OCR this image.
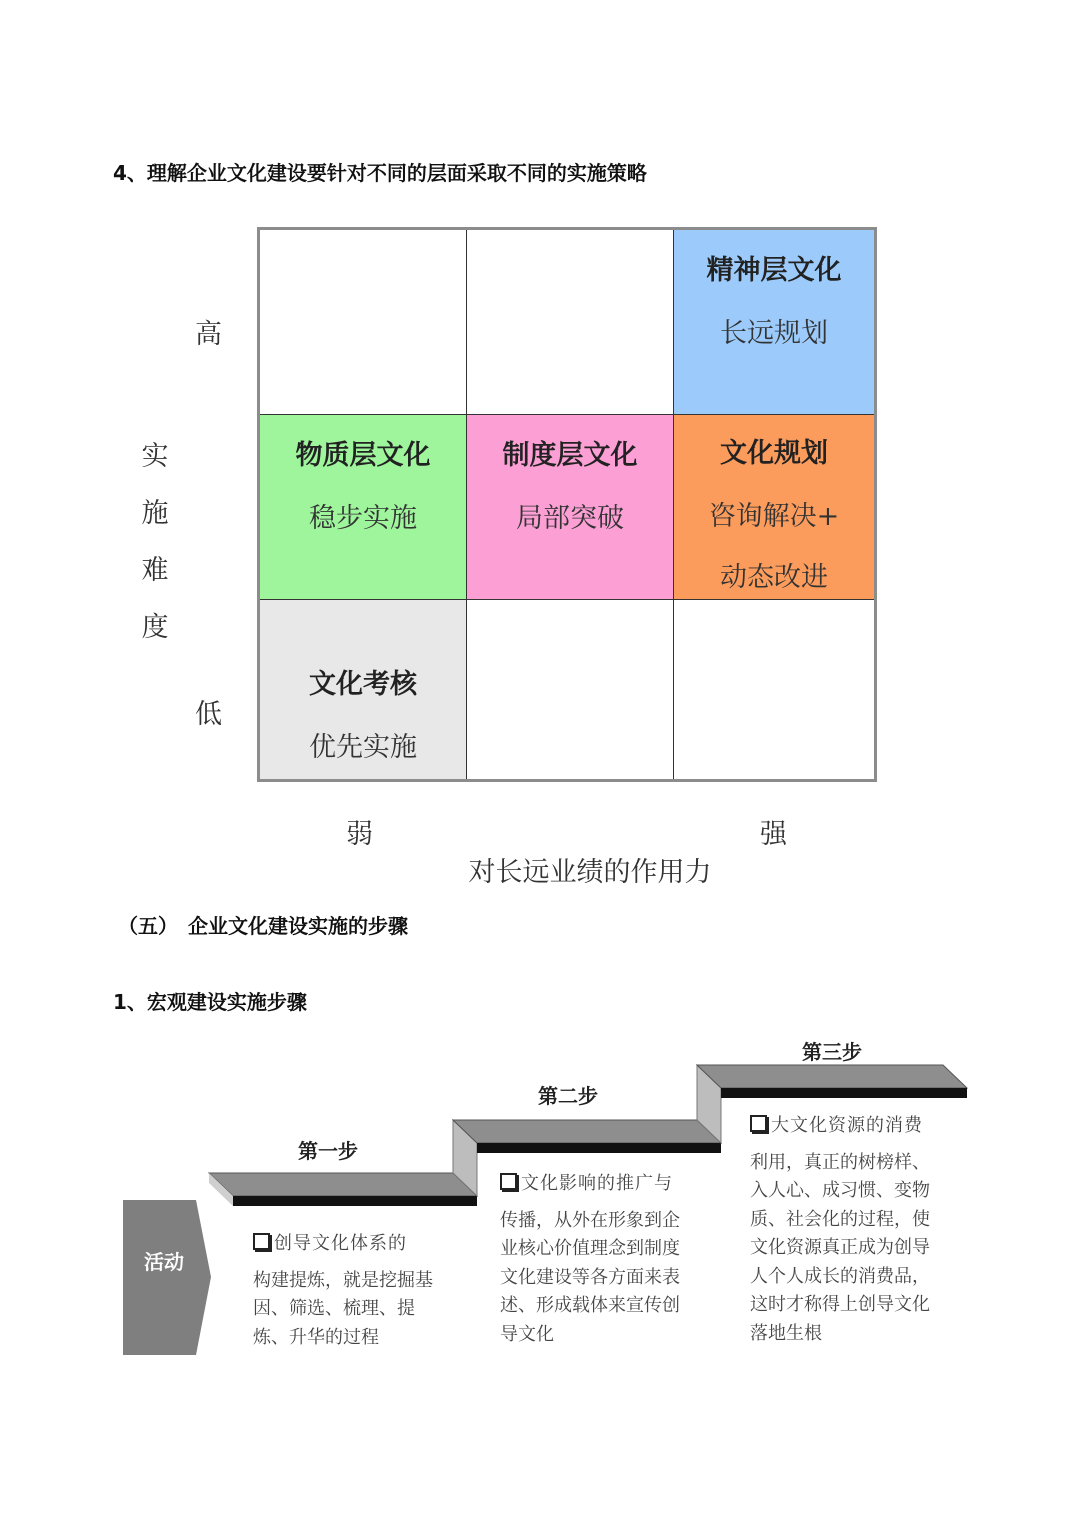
4、理解企业文化建设要针对不同的层面采取不同的实施策略
高
实
施
难
度
低
精神层文化
长远规划
物质层文化
稳步实施
制度层文化
局部突破
文化规划
咨询解决+
动态改进
文化考核
优先实施
弱	强
对长远业绩的作用力
（五）　企业文化建设实施的步骤
1、宏观建设实施步骤
活动
第一步
第二步
第三步
创导文化体系的
构建提炼，就是挖掘基因、筛选、梳理、提炼、升华的过程
文化影响的推广与
传播，从外在形象到企业核心价值理念到制度文化建设等各方面来表述、形成载体来宣传创导文化
大文化资源的消费
利用，真正的树榜样、入人心、成习惯、变物质、社会化的过程，使文化资源真正成为创导人个人成长的消费品，这时才称得上创导文化落地生根
